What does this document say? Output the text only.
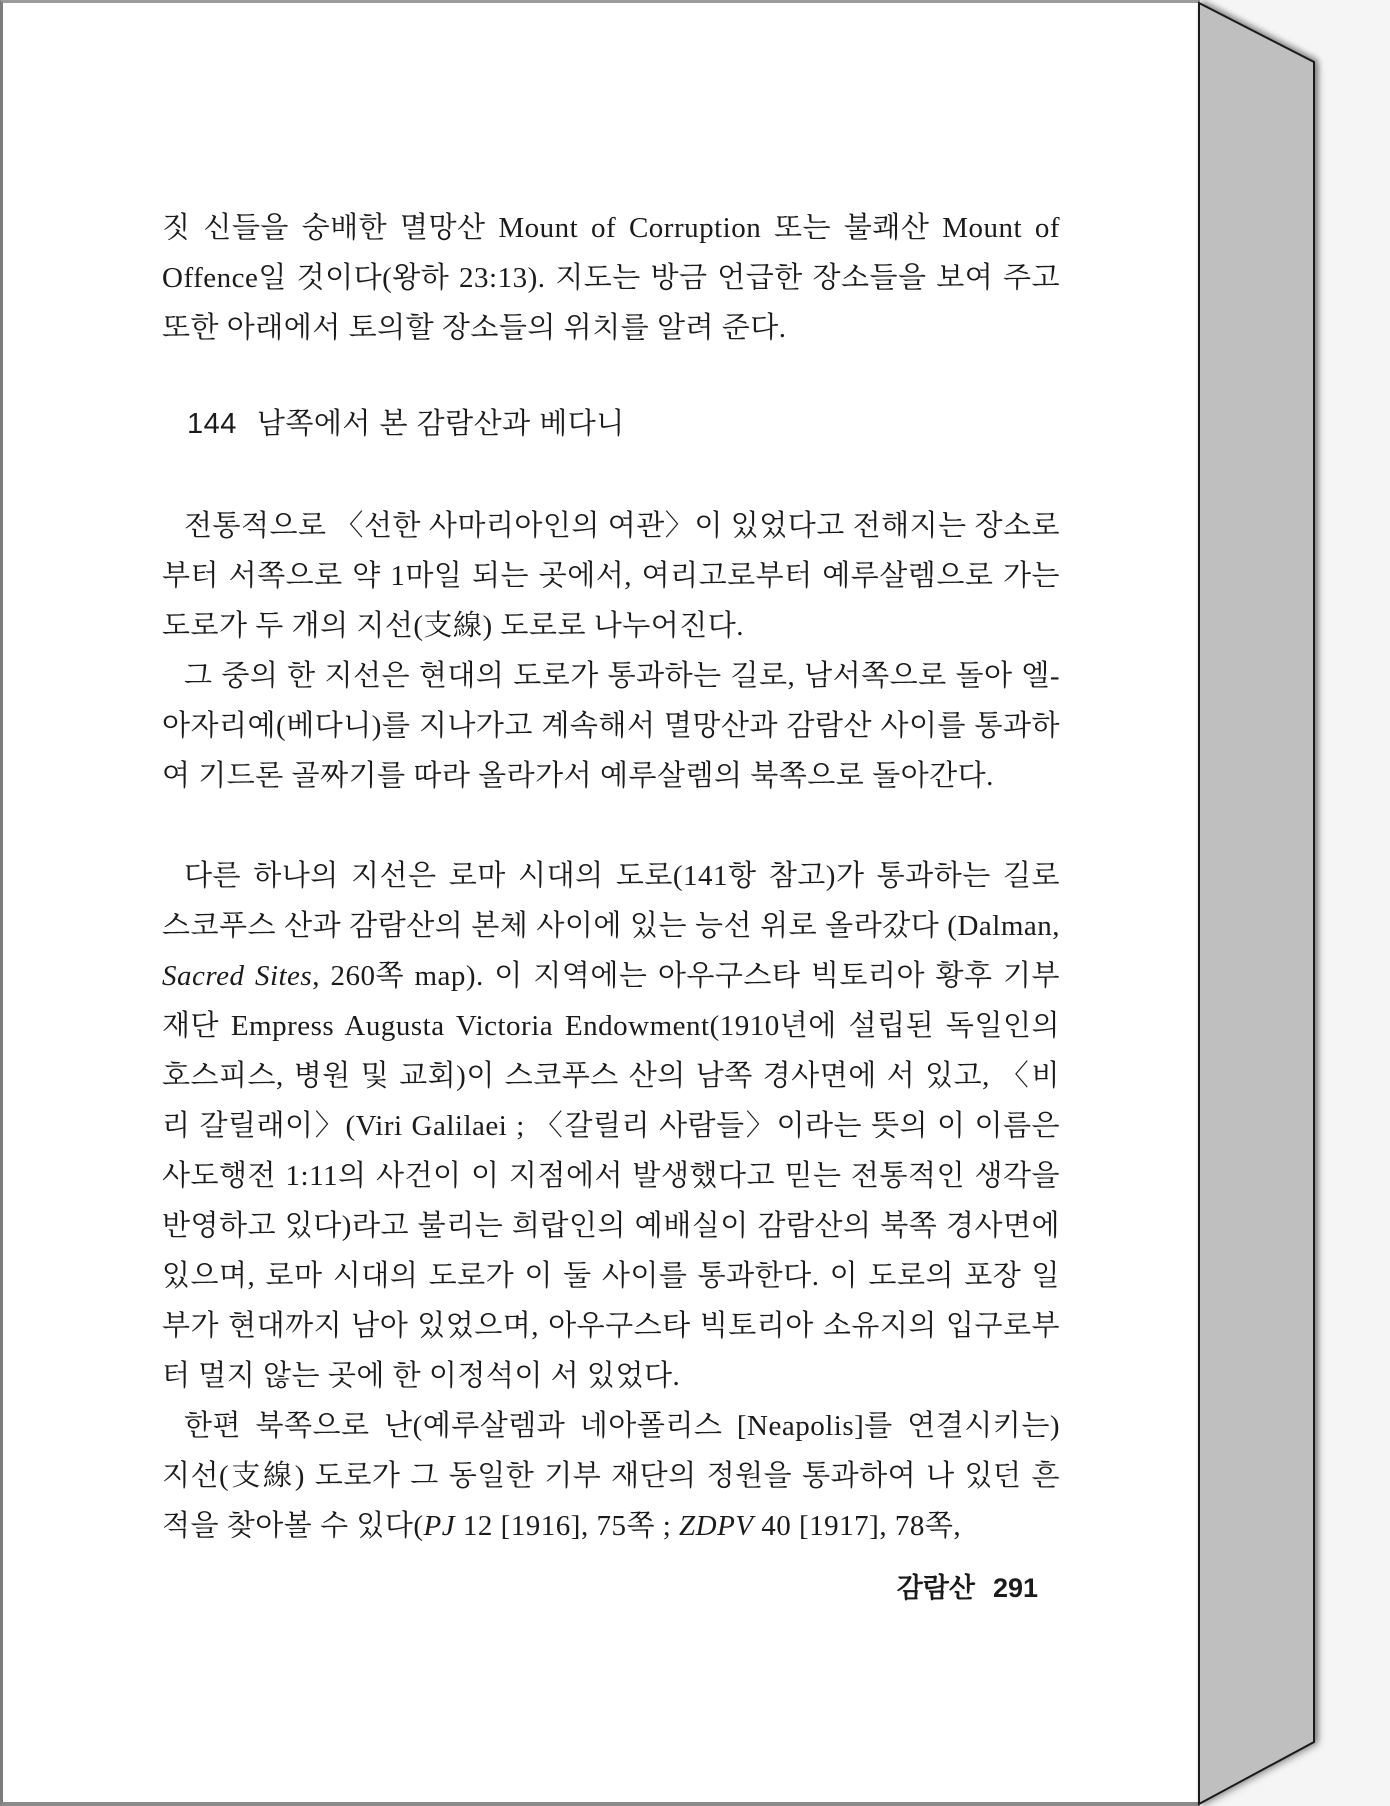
짓 신들을 숭배한 멸망산 Mount of Corruption 또는 불쾌산 Mount of Offence일 것이다(왕하 23:13). 지도는 방금 언급한 장소들을 보여 주고 또한 아래에서 토의할 장소들의 위치를 알려 준다.

144 남쪽에서 본 감람산과 베다니

전통적으로 〈선한 사마리아인의 여관〉이 있었다고 전해지는 장소로부터 서쪽으로 약 1마일 되는 곳에서, 여리고로부터 예루살렘으로 가는 도로가 두 개의 지선(支線) 도로로 나누어진다.

그 중의 한 지선은 현대의 도로가 통과하는 길로, 남서쪽으로 돌아 엘-아자리예(베다니)를 지나가고 계속해서 멸망산과 감람산 사이를 통과하여 기드론 골짜기를 따라 올라가서 예루살렘의 북쪽으로 돌아간다.

다른 하나의 지선은 로마 시대의 도로(141항 참고)가 통과하는 길로 스코푸스 산과 감람산의 본체 사이에 있는 능선 위로 올라갔다 (Dalman, Sacred Sites, 260쪽 map). 이 지역에는 아우구스타 빅토리아 황후 기부 재단 Empress Augusta Victoria Endowment(1910년에 설립된 독일인의 호스피스, 병원 및 교회)이 스코푸스 산의 남쪽 경사면에 서 있고, 〈비리 갈릴래이〉(Viri Galilaei ; 〈갈릴리 사람들〉이라는 뜻의 이 이름은 사도행전 1:11의 사건이 이 지점에서 발생했다고 믿는 전통적인 생각을 반영하고 있다)라고 불리는 희랍인의 예배실이 감람산의 북쪽 경사면에 있으며, 로마 시대의 도로가 이 둘 사이를 통과한다. 이 도로의 포장 일부가 현대까지 남아 있었으며, 아우구스타 빅토리아 소유지의 입구로부터 멀지 않는 곳에 한 이정석이 서 있었다.

한편 북쪽으로 난(예루살렘과 네아폴리스 [Neapolis]를 연결시키는) 지선(支線) 도로가 그 동일한 기부 재단의 정원을 통과하여 나 있던 흔적을 찾아볼 수 있다(PJ 12 [1916], 75쪽 ; ZDPV 40 [1917], 78쪽,

감람산 291
